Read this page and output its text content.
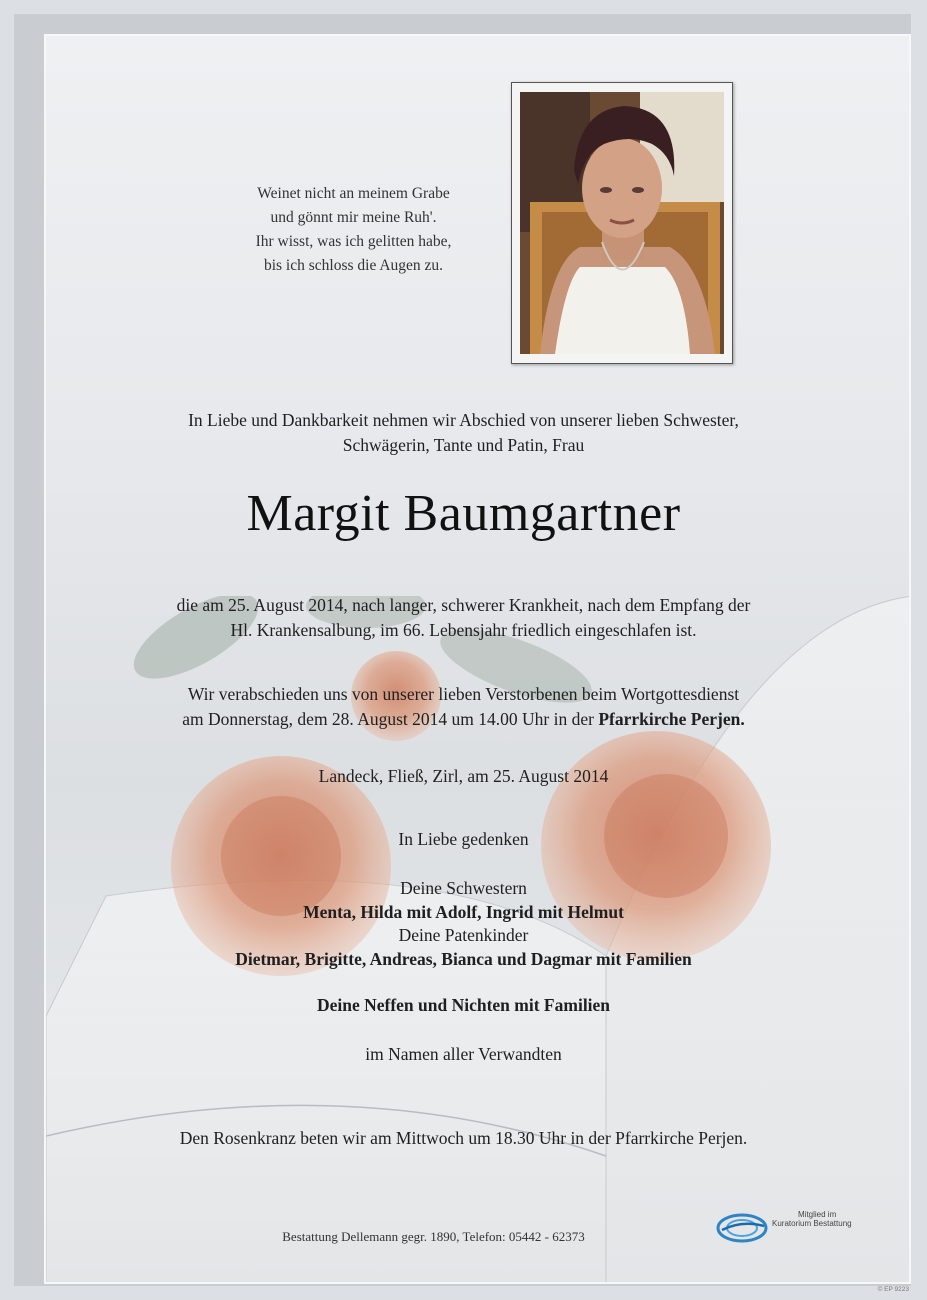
Weinet nicht an meinem Grabe
und gönnt mir meine Ruh'.
Ihr wisst, was ich gelitten habe,
bis ich schloss die Augen zu.
In Liebe und Dankbarkeit nehmen wir Abschied von unserer lieben Schwester,
Schwägerin, Tante und Patin, Frau
Margit Baumgartner
die am 25. August 2014, nach langer, schwerer Krankheit, nach dem Empfang der
Hl. Krankensalbung, im 66. Lebensjahr friedlich eingeschlafen ist.
Wir verabschieden uns von unserer lieben Verstorbenen beim Wortgottesdienst
am Donnerstag, dem 28. August 2014 um 14.00 Uhr in der Pfarrkirche Perjen.
Landeck, Fließ, Zirl, am 25. August 2014
In Liebe gedenken
Deine Schwestern
Menta, Hilda mit Adolf, Ingrid mit Helmut
Deine Patenkinder
Dietmar, Brigitte, Andreas, Bianca und Dagmar mit Familien
Deine Neffen und Nichten mit Familien
im Namen aller Verwandten
Den Rosenkranz beten wir am Mittwoch um 18.30 Uhr in der Pfarrkirche Perjen.
Bestattung Dellemann gegr. 1890, Telefon: 05442 - 62373
Mitglied im
Kuratorium Bestattung
© EP 9223
